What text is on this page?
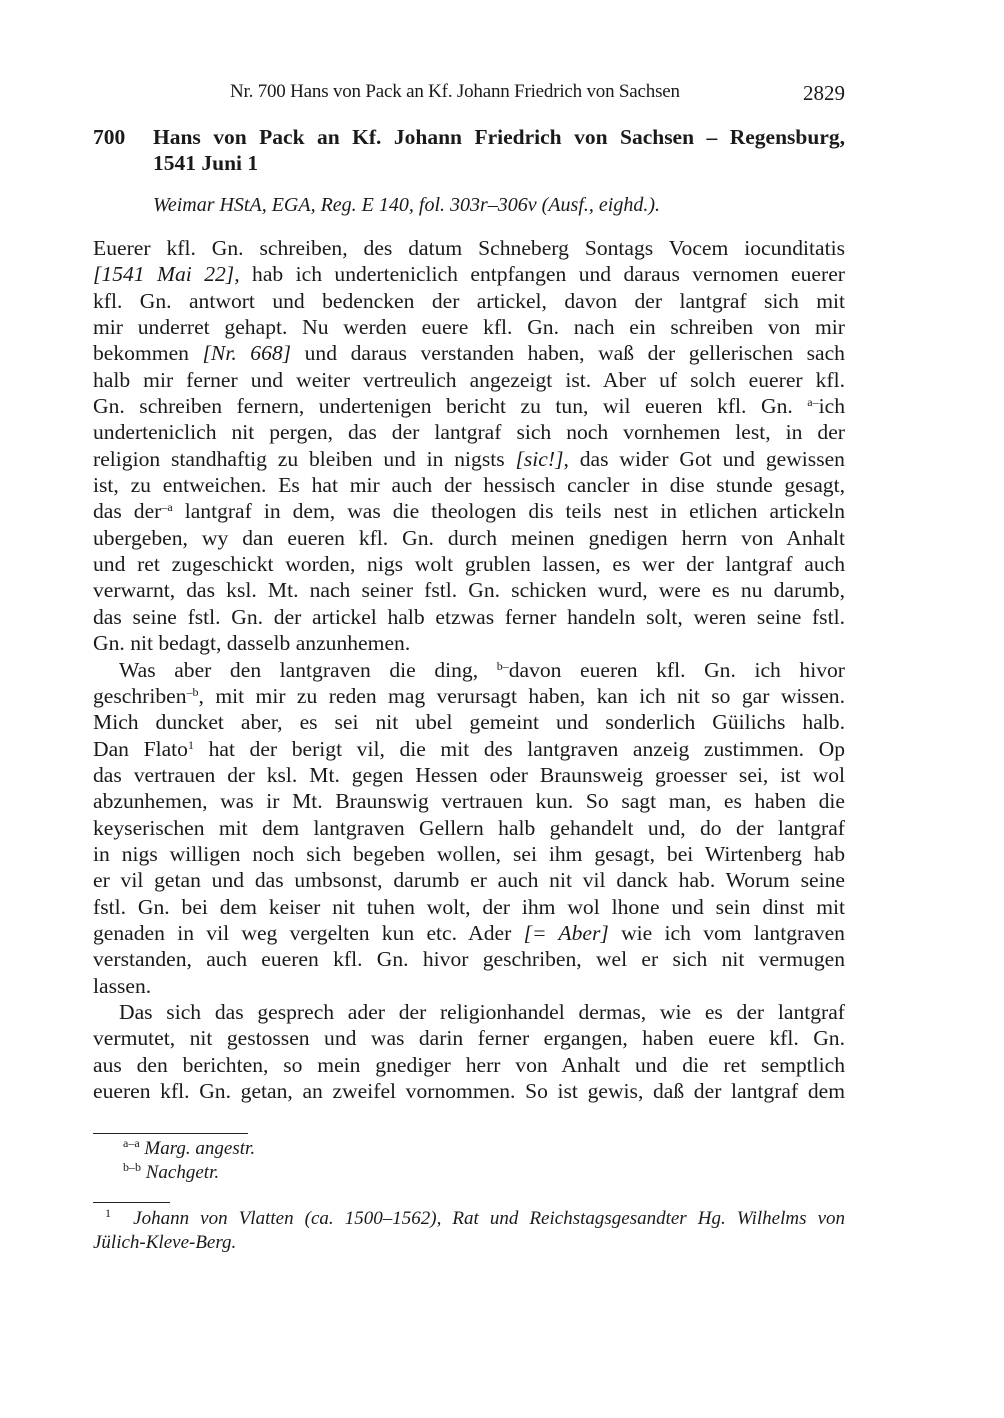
Nr. 700 Hans von Pack an Kf. Johann Friedrich von Sachsen	2829
700 Hans von Pack an Kf. Johann Friedrich von Sachsen – Regensburg,
1541 Juni 1
Weimar HStA, EGA, Reg. E 140, fol. 303r–306v (Ausf., eighd.).
Euerer kfl. Gn. schreiben, des datum Schneberg Sontags Vocem iocunditatis
[1541 Mai 22], hab ich underteniclich entpfangen und daraus vernomen euerer
kfl. Gn. antwort und bedencken der artickel, davon der lantgraf sich mit
mir underret gehapt. Nu werden euere kfl. Gn. nach ein schreiben von mir
bekommen [Nr. 668] und daraus verstanden haben, waß der gellerischen sach
halb mir ferner und weiter vertreulich angezeigt ist. Aber uf solch euerer kfl.
Gn. schreiben fernern, undertenigen bericht zu tun, wil eueren kfl. Gn. $^{a-}$ich
underteniclich nit pergen, das der lantgraf sich noch vornhemen lest, in der
religion standhaftig zu bleiben und in nigsts [sic!], das wider Got und gewissen
ist, zu entweichen. Es hat mir auch der hessisch cancler in dise stunde gesagt,
das der$^{-a}$ lantgraf in dem, was die theologen dis teils nest in etlichen artickeln
ubergeben, wy dan eueren kfl. Gn. durch meinen gnedigen herrn von Anhalt
und ret zugeschickt worden, nigs wolt grublen lassen, es wer der lantgraf auch
verwarnt, das ksl. Mt. nach seiner fstl. Gn. schicken wurd, were es nu darumb,
das seine fstl. Gn. der artickel halb etzwas ferner handeln solt, weren seine fstl.
Gn. nit bedagt, dasselb anzunhemen.
Was aber den lantgraven die ding, $^{b-}$davon eueren kfl. Gn. ich hivor
geschriben$^{-b}$, mit mir zu reden mag verursagt haben, kan ich nit so gar wissen.
Mich duncket aber, es sei nit ubel gemeint und sonderlich Güilichs halb.
Dan Flato$^1$ hat der berigt vil, die mit des lantgraven anzeig zustimmen. Op
das vertrauen der ksl. Mt. gegen Hessen oder Braunsweig groesser sei, ist wol
abzunhemen, was ir Mt. Braunswig vertrauen kun. So sagt man, es haben die
keyserischen mit dem lantgraven Gellern halb gehandelt und, do der lantgraf
in nigs willigen noch sich begeben wollen, sei ihm gesagt, bei Wirtenberg hab
er vil getan und das umbsonst, darumb er auch nit vil danck hab. Worum seine
fstl. Gn. bei dem keiser nit tuhen wolt, der ihm wol lhone und sein dinst mit
genaden in vil weg vergelten kun etc. Ader [= Aber] wie ich vom lantgraven
verstanden, auch eueren kfl. Gn. hivor geschriben, wel er sich nit vermugen
lassen.
Das sich das gesprech ader der religionhandel dermas, wie es der lantgraf
vermutet, nit gestossen und was darin ferner ergangen, haben euere kfl. Gn.
aus den berichten, so mein gnediger herr von Anhalt und die ret semptlich
eueren kfl. Gn. getan, an zweifel vornommen. So ist gewis, daß der lantgraf dem
$^{a-a}$ Marg. angestr.
$^{b-b}$ Nachgetr.
$^1$ Johann von Vlatten (ca. 1500–1562), Rat und Reichstagsgesandter Hg. Wilhelms von
Jülich-Kleve-Berg.
